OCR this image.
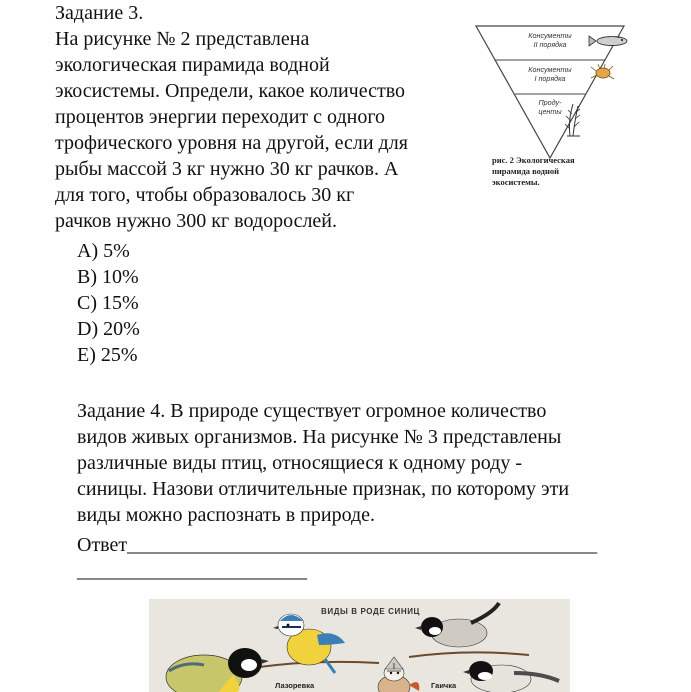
Задание 3.
На рисунке № 2 представлена
экологическая пирамида водной
экосистемы. Определи, какое количество
процентов энергии переходит с одного
трофического уровня на другой, если для
рыбы массой 3 кг нужно 30 кг рачков. А
для того, чтобы образовалось 30 кг
рачков нужно 300 кг водорослей.
A) 5%
B) 10%
C) 15%
D) 20%
E) 25%
Консументы
II порядка
Консументы
I порядка
Проду-
центы
рис. 2 Экологическая
пирамида водной
экосистемы.
Задание 4. В природе существует огромное количество
видов живых организмов. На рисунке № 3 представлены
различные виды птиц, относящиеся к одному роду -
синицы. Назови отличительные признак, по которому эти
виды можно распознать в природе.
Ответ_______________________________________________
_______________________
ВИДЫ В РОДЕ СИНИЦ
Лазоревка	Гаичка
